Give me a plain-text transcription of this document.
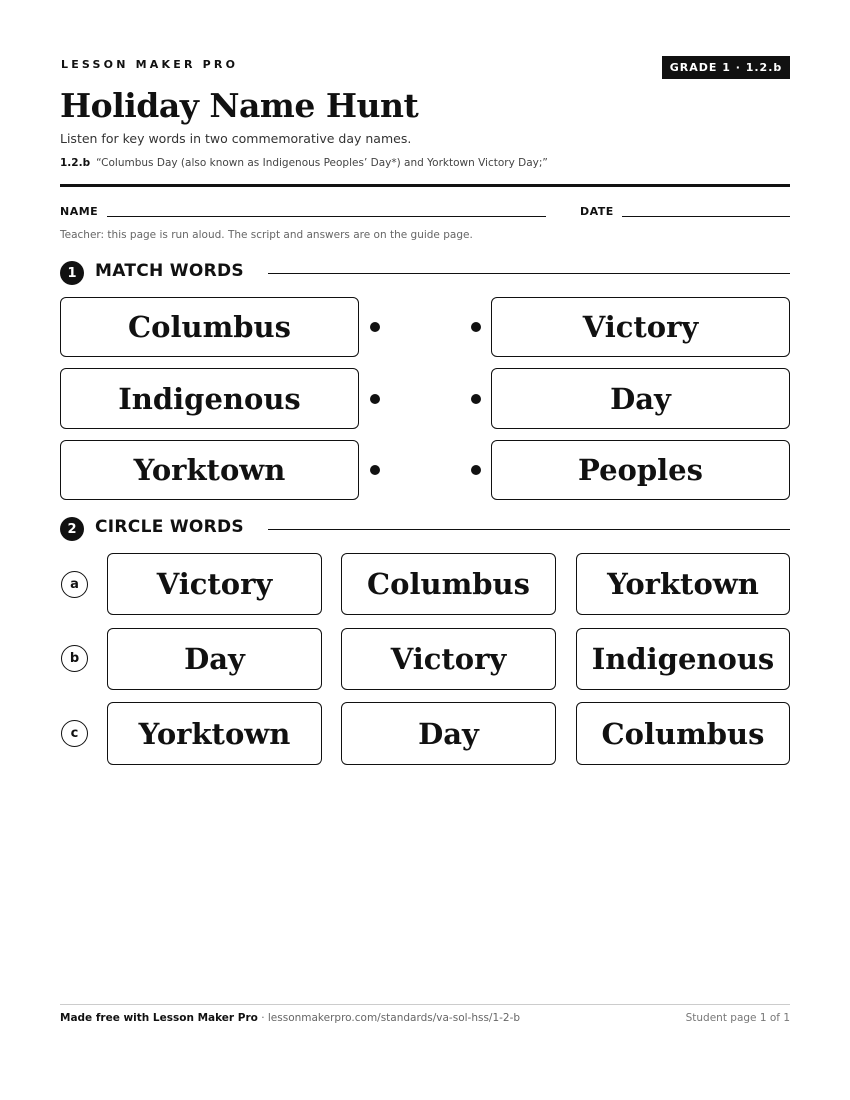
LESSON MAKER PRO	GRADE 1 · 1.2.b
Holiday Name Hunt
Listen for key words in two commemorative day names.
1.2.b “Columbus Day (also known as Indigenous Peoples’ Day*) and Yorktown Victory Day;”
NAME	DATE
Teacher: this page is run aloud. The script and answers are on the guide page.
1	MATCH WORDS
Columbus	Victory
Indigenous	Day
Yorktown	Peoples
2	CIRCLE WORDS
a	Victory	Columbus	Yorktown
b	Day	Victory	Indigenous
c	Yorktown	Day	Columbus
Made free with Lesson Maker Pro · lessonmakerpro.com/standards/va-sol-hss/1-2-b	Student page 1 of 1
